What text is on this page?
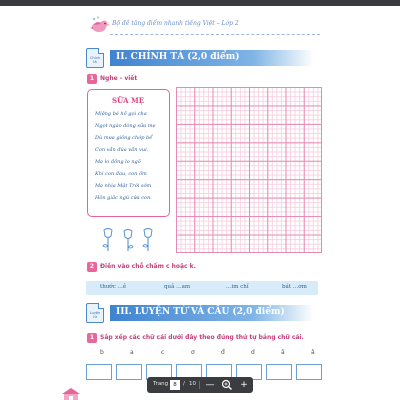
Bộ đề tăng điểm nhanh tiếng Việt – Lớp 2
Chính tả	II. CHÍNH TẢ (2,0 điểm)
1 Nghe - viết
SỮA MẸ
Miệng bé hồ gọi cha
Ngọt ngào dòng sữa mẹ
Dù mưa giông chớp bể
Con vẫn đùa vẫn vui.
Mẹ lo đồng lo ngõ
Khi con đau, con ốm
Mẹ nhìa Mặt Trời sớm
Hôn giấc ngủ cửa con.
2 Điền vào chỗ chấm c hoặc k.
thước …ẻ	quả …am	…im chỉ	bát …ơm
Luyện từ	III. LUYỆN TỪ VÀ CÂU (2,0 điểm)
1 Sắp xếp các chữ cái dưới đây theo đúng thứ tự bảng chữ cái.
b	a	c	ơ	đ	d	ă	â
Trang
8	/ 10 —	+
